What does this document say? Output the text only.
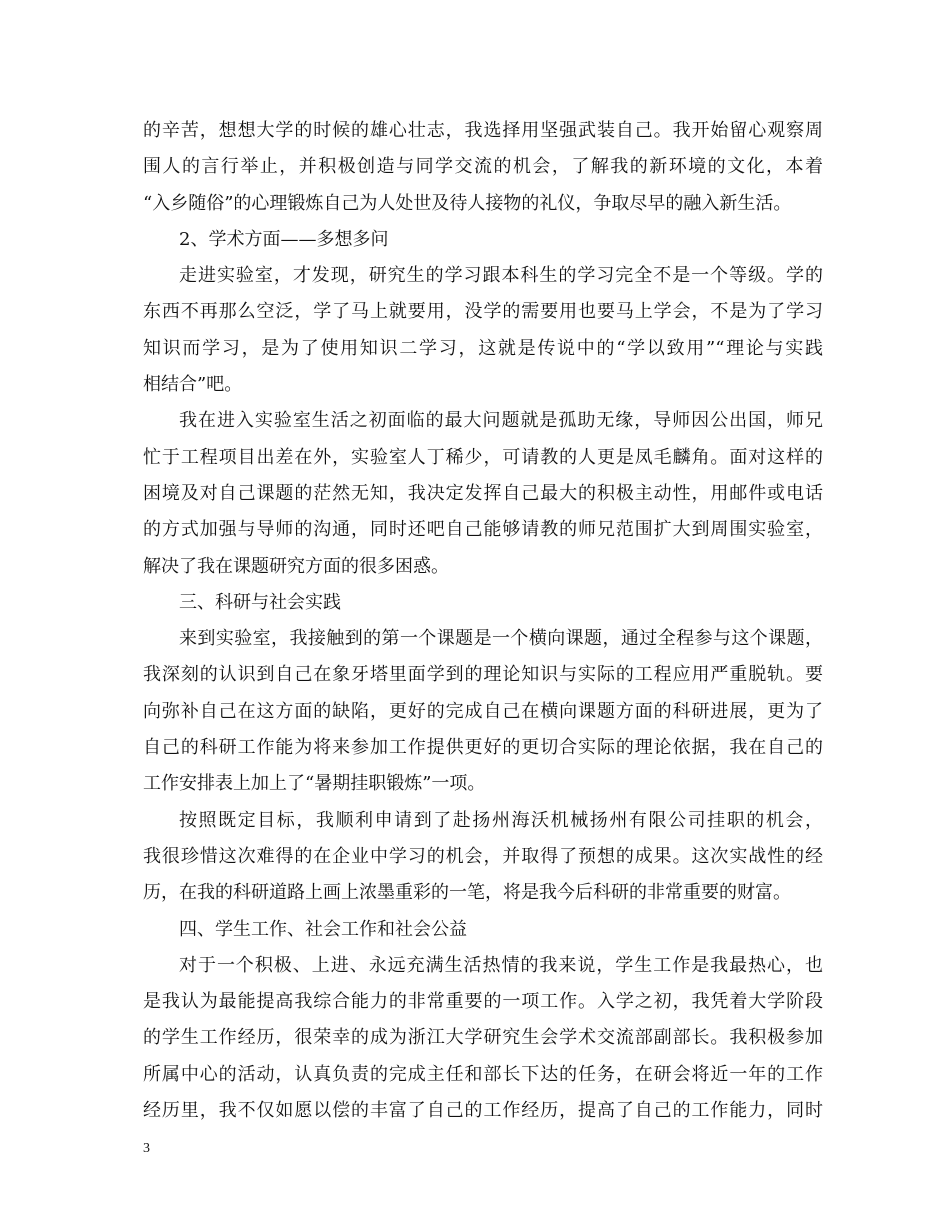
的辛苦，想想大学的时候的雄心壮志，我选择用坚强武装自己。我开始留心观察周
围人的言行举止，并积极创造与同学交流的机会，了解我的新环境的文化，本着
“入乡随俗”的心理锻炼自己为人处世及待人接物的礼仪，争取尽早的融入新生活。

2、学术方面——多想多问

走进实验室，才发现，研究生的学习跟本科生的学习完全不是一个等级。学的
东西不再那么空泛，学了马上就要用，没学的需要用也要马上学会，不是为了学习
知识而学习，是为了使用知识二学习，这就是传说中的“学以致用”“理论与实践
相结合”吧。

我在进入实验室生活之初面临的最大问题就是孤助无缘，导师因公出国，师兄
忙于工程项目出差在外，实验室人丁稀少，可请教的人更是凤毛麟角。面对这样的
困境及对自己课题的茫然无知，我决定发挥自己最大的积极主动性，用邮件或电话
的方式加强与导师的沟通，同时还吧自己能够请教的师兄范围扩大到周围实验室，
解决了我在课题研究方面的很多困惑。

三、科研与社会实践

来到实验室，我接触到的第一个课题是一个横向课题，通过全程参与这个课题，
我深刻的认识到自己在象牙塔里面学到的理论知识与实际的工程应用严重脱轨。要
向弥补自己在这方面的缺陷，更好的完成自己在横向课题方面的科研进展，更为了
自己的科研工作能为将来参加工作提供更好的更切合实际的理论依据，我在自己的
工作安排表上加上了“暑期挂职锻炼”一项。

按照既定目标，我顺利申请到了赴扬州海沃机械扬州有限公司挂职的机会，
我很珍惜这次难得的在企业中学习的机会，并取得了预想的成果。这次实战性的经
历，在我的科研道路上画上浓墨重彩的一笔，将是我今后科研的非常重要的财富。

四、学生工作、社会工作和社会公益

对于一个积极、上进、永远充满生活热情的我来说，学生工作是我最热心，也
是我认为最能提高我综合能力的非常重要的一项工作。入学之初，我凭着大学阶段
的学生工作经历，很荣幸的成为浙江大学研究生会学术交流部副部长。我积极参加
所属中心的活动，认真负责的完成主任和部长下达的任务，在研会将近一年的工作
经历里，我不仅如愿以偿的丰富了自己的工作经历，提高了自己的工作能力，同时

3
